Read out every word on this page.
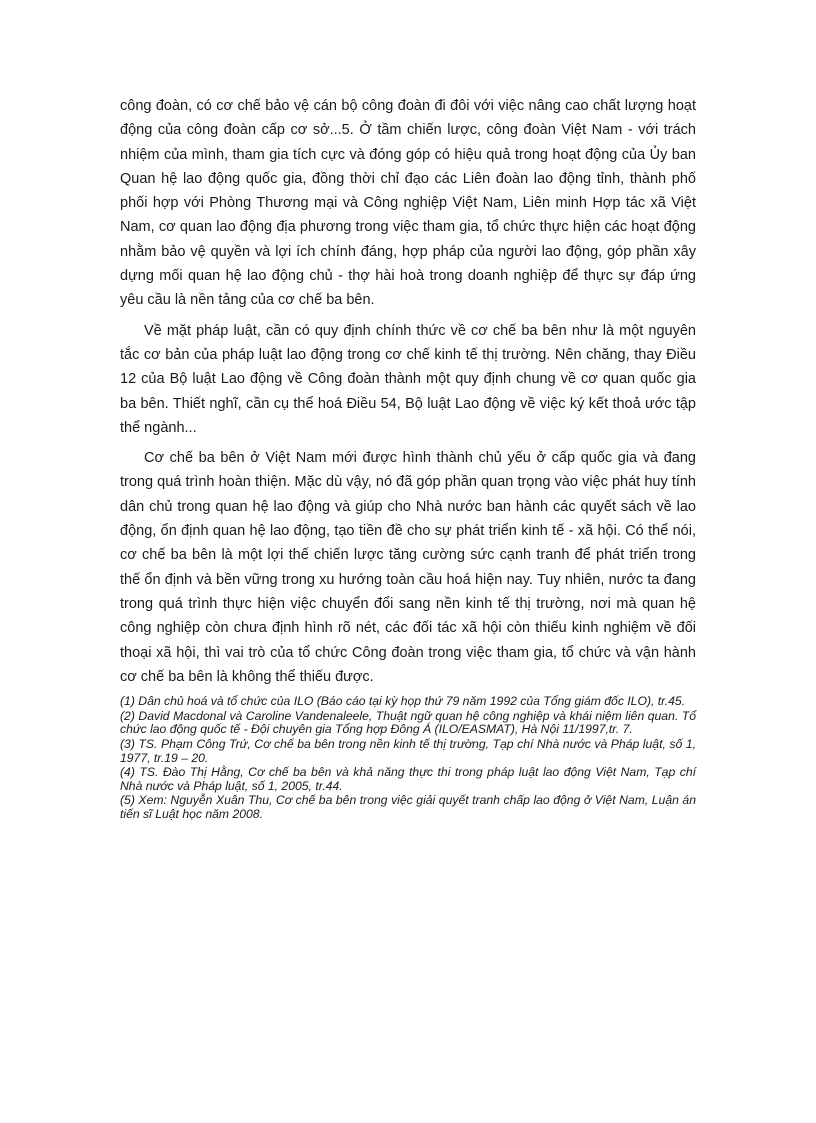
công đoàn, có cơ chế bảo vệ cán bộ công đoàn đi đôi với việc nâng cao chất lượng hoạt động của công đoàn cấp cơ sở...5. Ở tầm chiến lược, công đoàn Việt Nam - với trách nhiệm của mình, tham gia tích cực và đóng góp có hiệu quả trong hoạt động của Ủy ban Quan hệ lao động quốc gia, đồng thời chỉ đạo các Liên đoàn lao động tỉnh, thành phố phối hợp với Phòng Thương mại và Công nghiệp Việt Nam, Liên minh Hợp tác xã Việt Nam, cơ quan lao động địa phương trong việc tham gia, tổ chức thực hiện các hoạt động nhằm bảo vệ quyền và lợi ích chính đáng, hợp pháp của người lao động, góp phần xây dựng mối quan hệ lao động chủ - thợ hài hoà trong doanh nghiệp để thực sự đáp ứng yêu cầu là nền tảng của cơ chế ba bên.

Về mặt pháp luật, cần có quy định chính thức về cơ chế ba bên như là một nguyên tắc cơ bản của pháp luật lao động trong cơ chế kinh tế thị trường. Nên chăng, thay Điều 12 của Bộ luật Lao động về Công đoàn thành một quy định chung về cơ quan quốc gia ba bên. Thiết nghĩ, cần cụ thể hoá Điều 54, Bộ luật Lao động về việc ký kết thoả ước tập thể ngành...

Cơ chế ba bên ở Việt Nam mới được hình thành chủ yếu ở cấp quốc gia và đang trong quá trình hoàn thiện. Mặc dù vậy, nó đã góp phần quan trọng vào việc phát huy tính dân chủ trong quan hệ lao động và giúp cho Nhà nước ban hành các quyết sách về lao động, ổn định quan hệ lao động, tạo tiền đề cho sự phát triển kinh tế - xã hội. Có thể nói, cơ chế ba bên là một lợi thế chiến lược tăng cường sức cạnh tranh để phát triển trong thế ổn định và bền vững trong xu hướng toàn cầu hoá hiện nay. Tuy nhiên, nước ta đang trong quá trình thực hiện việc chuyển đổi sang nền kinh tế thị trường, nơi mà quan hệ công nghiệp còn chưa định hình rõ nét, các đối tác xã hội còn thiếu kinh nghiệm về đối thoại xã hội, thì vai trò của tổ chức Công đoàn trong việc tham gia, tổ chức và vận hành cơ chế ba bên là không thể thiếu được.

(1) Dân chủ hoá và tổ chức của ILO (Báo cáo tại kỳ họp thứ 79 năm 1992 của Tổng giám đốc ILO), tr.45.

(2) David Macdonal và Caroline Vandenaleele, Thuật ngữ quan hệ công nghiệp và khái niệm liên quan. Tổ chức lao động quốc tế - Đội chuyên gia Tổng hợp Đông Á (ILO/EASMAT), Hà Nội 11/1997,tr. 7.

(3) TS. Phạm Công Trứ, Cơ chế ba bên trong nền kinh tế thị trường, Tạp chí Nhà nước và Pháp luật, số 1, 1977, tr.19 – 20.

(4) TS. Đào Thị Hằng, Cơ chế ba bên và khả năng thực thi trong pháp luật lao động Việt Nam, Tạp chí Nhà nước và Pháp luật, số 1, 2005, tr.44.

(5) Xem: Nguyễn Xuân Thu, Cơ chế ba bên trong việc giải quyết tranh chấp lao động ở Việt Nam, Luận án tiến sĩ Luật học năm 2008.
